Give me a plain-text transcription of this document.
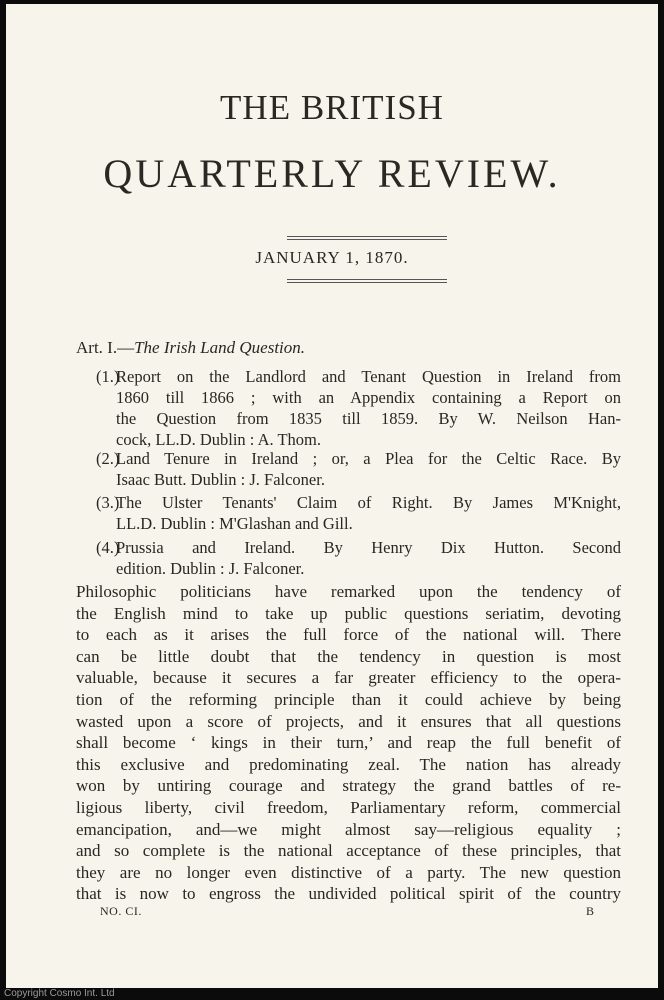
THE BRITISH
QUARTERLY REVIEW.
JANUARY 1, 1870.
Art. I.—The Irish Land Question.
(1.)
Report on the Landlord and Tenant Question in Ireland from
1860 till 1866 ; with an Appendix containing a Report on
the Question from 1835 till 1859. By W. Neilson Han-
cock, LL.D. Dublin : A. Thom.
(2.)
Land Tenure in Ireland ; or, a Plea for the Celtic Race. By
Isaac Butt. Dublin : J. Falconer.
(3.)
The Ulster Tenants' Claim of Right. By James M'Knight,
LL.D. Dublin : M'Glashan and Gill.
(4.)
Prussia and Ireland. By Henry Dix Hutton. Second
edition. Dublin : J. Falconer.
Philosophic politicians have remarked upon the tendency of
the English mind to take up public questions seriatim, devoting
to each as it arises the full force of the national will. There
can be little doubt that the tendency in question is most
valuable, because it secures a far greater efficiency to the opera-
tion of the reforming principle than it could achieve by being
wasted upon a score of projects, and it ensures that all questions
shall become ‘ kings in their turn,’ and reap the full benefit of
this exclusive and predominating zeal. The nation has already
won by untiring courage and strategy the grand battles of re-
ligious liberty, civil freedom, Parliamentary reform, commercial
emancipation, and—we might almost say—religious equality ;
and so complete is the national acceptance of these principles, that
they are no longer even distinctive of a party. The new question
that is now to engross the undivided political spirit of the country
NO. CI.	B
Copyright Cosmo Int. Ltd
